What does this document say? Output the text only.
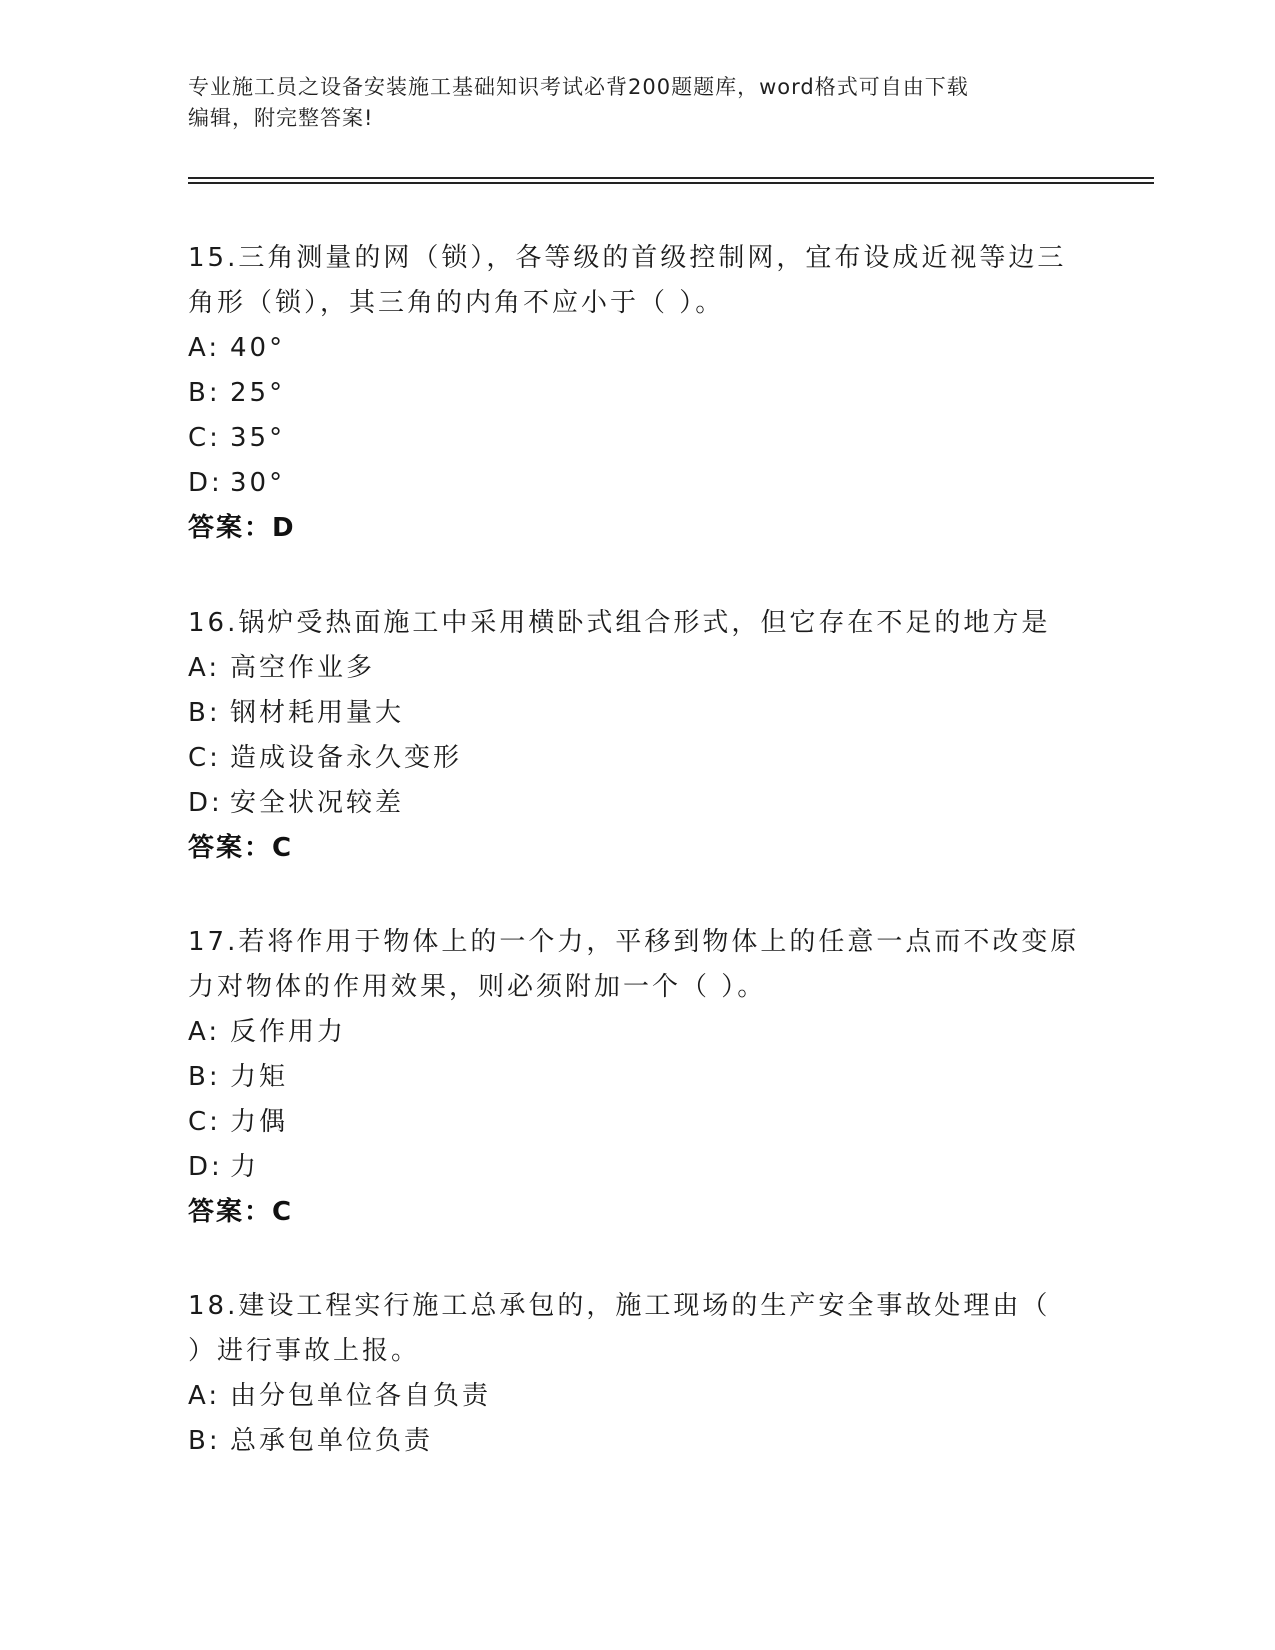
专业施工员之设备安装施工基础知识考试必背200题题库，word格式可自由下载
编辑，附完整答案!
15.三角测量的网（锁），各等级的首级控制网，宜布设成近视等边三
角形（锁），其三角的内角不应小于（ ）。
A: 40°
B: 25°
C: 35°
D: 30°
答案：D
16.锅炉受热面施工中采用横卧式组合形式，但它存在不足的地方是
A: 高空作业多
B: 钢材耗用量大
C: 造成设备永久变形
D: 安全状况较差
答案：C
17.若将作用于物体上的一个力，平移到物体上的任意一点而不改变原
力对物体的作用效果，则必须附加一个（ ）。
A: 反作用力
B: 力矩
C: 力偶
D: 力
答案：C
18.建设工程实行施工总承包的，施工现场的生产安全事故处理由（
）进行事故上报。
A: 由分包单位各自负责
B: 总承包单位负责
